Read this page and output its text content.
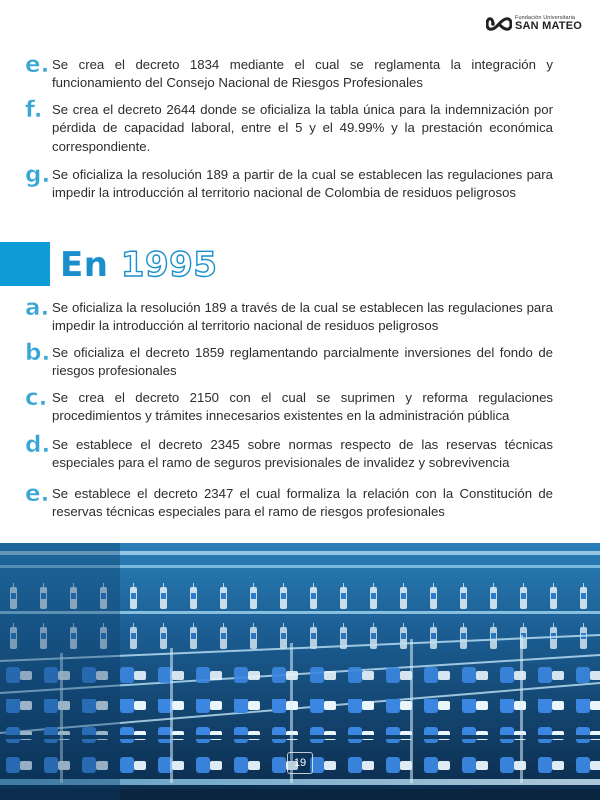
Fundación Universitaria
SAN MATEO
e. Se crea el decreto 1834 mediante el cual se reglamenta la integración y funcionamiento del Consejo Nacional de Riesgos Profesionales
f. Se crea el decreto 2644 donde se oficializa la tabla única para la indemnización por pérdida de capacidad laboral, entre el 5 y el 49.99% y la prestación económica correspondiente.
g. Se oficializa la resolución 189 a partir de la cual se establecen las regulaciones para impedir la introducción al territorio nacional de Colombia de residuos peligrosos
En 1995
a. Se oficializa la resolución 189 a través de la cual se establecen las regulaciones para impedir la introducción al territorio nacional de residuos peligrosos
b. Se oficializa el decreto 1859 reglamentando parcialmente inversiones del fondo de riesgos profesionales
c. Se crea el decreto 2150 con el cual se suprimen y reforma regulaciones procedimientos y trámites innecesarios existentes en la administración pública
d. Se establece el decreto 2345 sobre normas respecto de las reservas técnicas especiales para el ramo de seguros previsionales de invalidez y sobrevivencia
e. Se establece el decreto 2347 el cual formaliza la relación con la Constitución de reservas técnicas especiales para el ramo de riesgos profesionales
19
